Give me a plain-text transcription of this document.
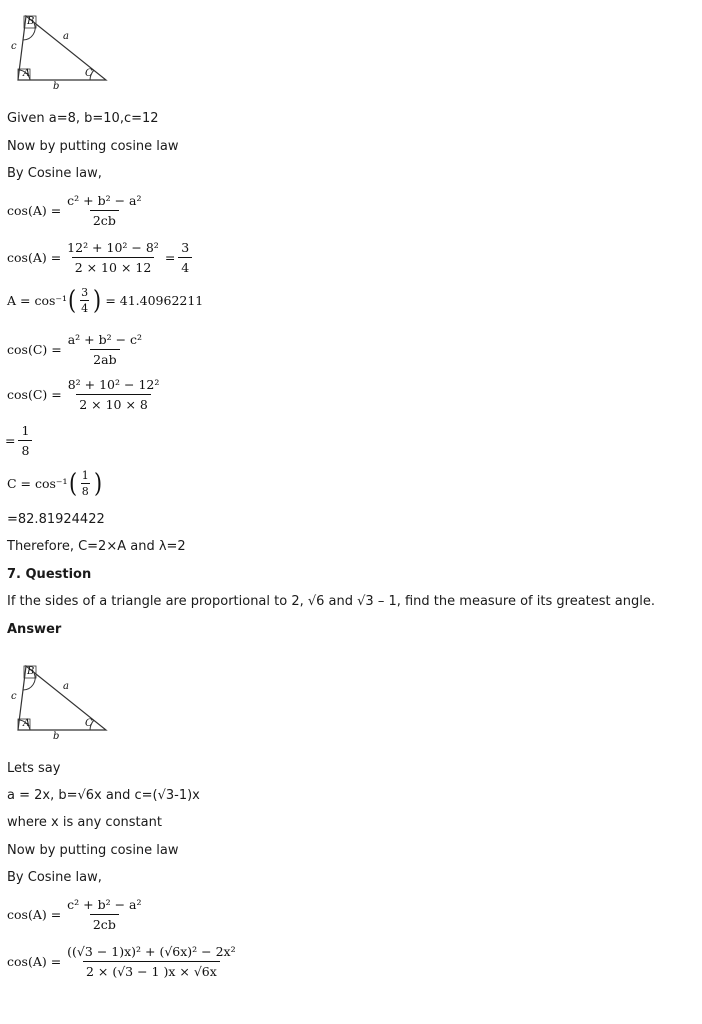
A
B
C
a
b
c
Given a=8, b=10,c=12
Now by putting cosine law
By Cosine law,
$\cos(A) = \frac{\text{c² + b² − a²}}{2cb}$
$\cos(A) = \frac{\text{12² + 10² − 8²}}{2 \times 10 \times 12} = \frac{3}{4}$
A = cos⁻¹ ( $\frac{3}{4}$ ) = 41.40962211
$\cos(C) = \frac{\text{a² + b² − c²}}{2ab}$
$\cos(C) = \frac{\text{8² + 10² − 12²}}{2 \times 10 \times 8}$
= $\frac{1}{8}$
C = cos⁻¹ ( $\frac{1}{8}$ )
=82.81924422
Therefore, C=2×A and λ=2
7. Question
If the sides of a triangle are proportional to 2, √6 and √3 – 1, find the measure of its greatest angle.
Answer
A
B
C
a
b
c
Lets say
a = 2x, b=√6x and c=(√3-1)x
where x is any constant
Now by putting cosine law
By Cosine law,
$\cos(A) = \frac{\text{c² + b² − a²}}{2cb}$
$\cos(A) = \frac{\text{((√3 − 1)x)² + (√6x)² − 2x²}}{2 \times (√3 - 1 )x \times √6x}$
